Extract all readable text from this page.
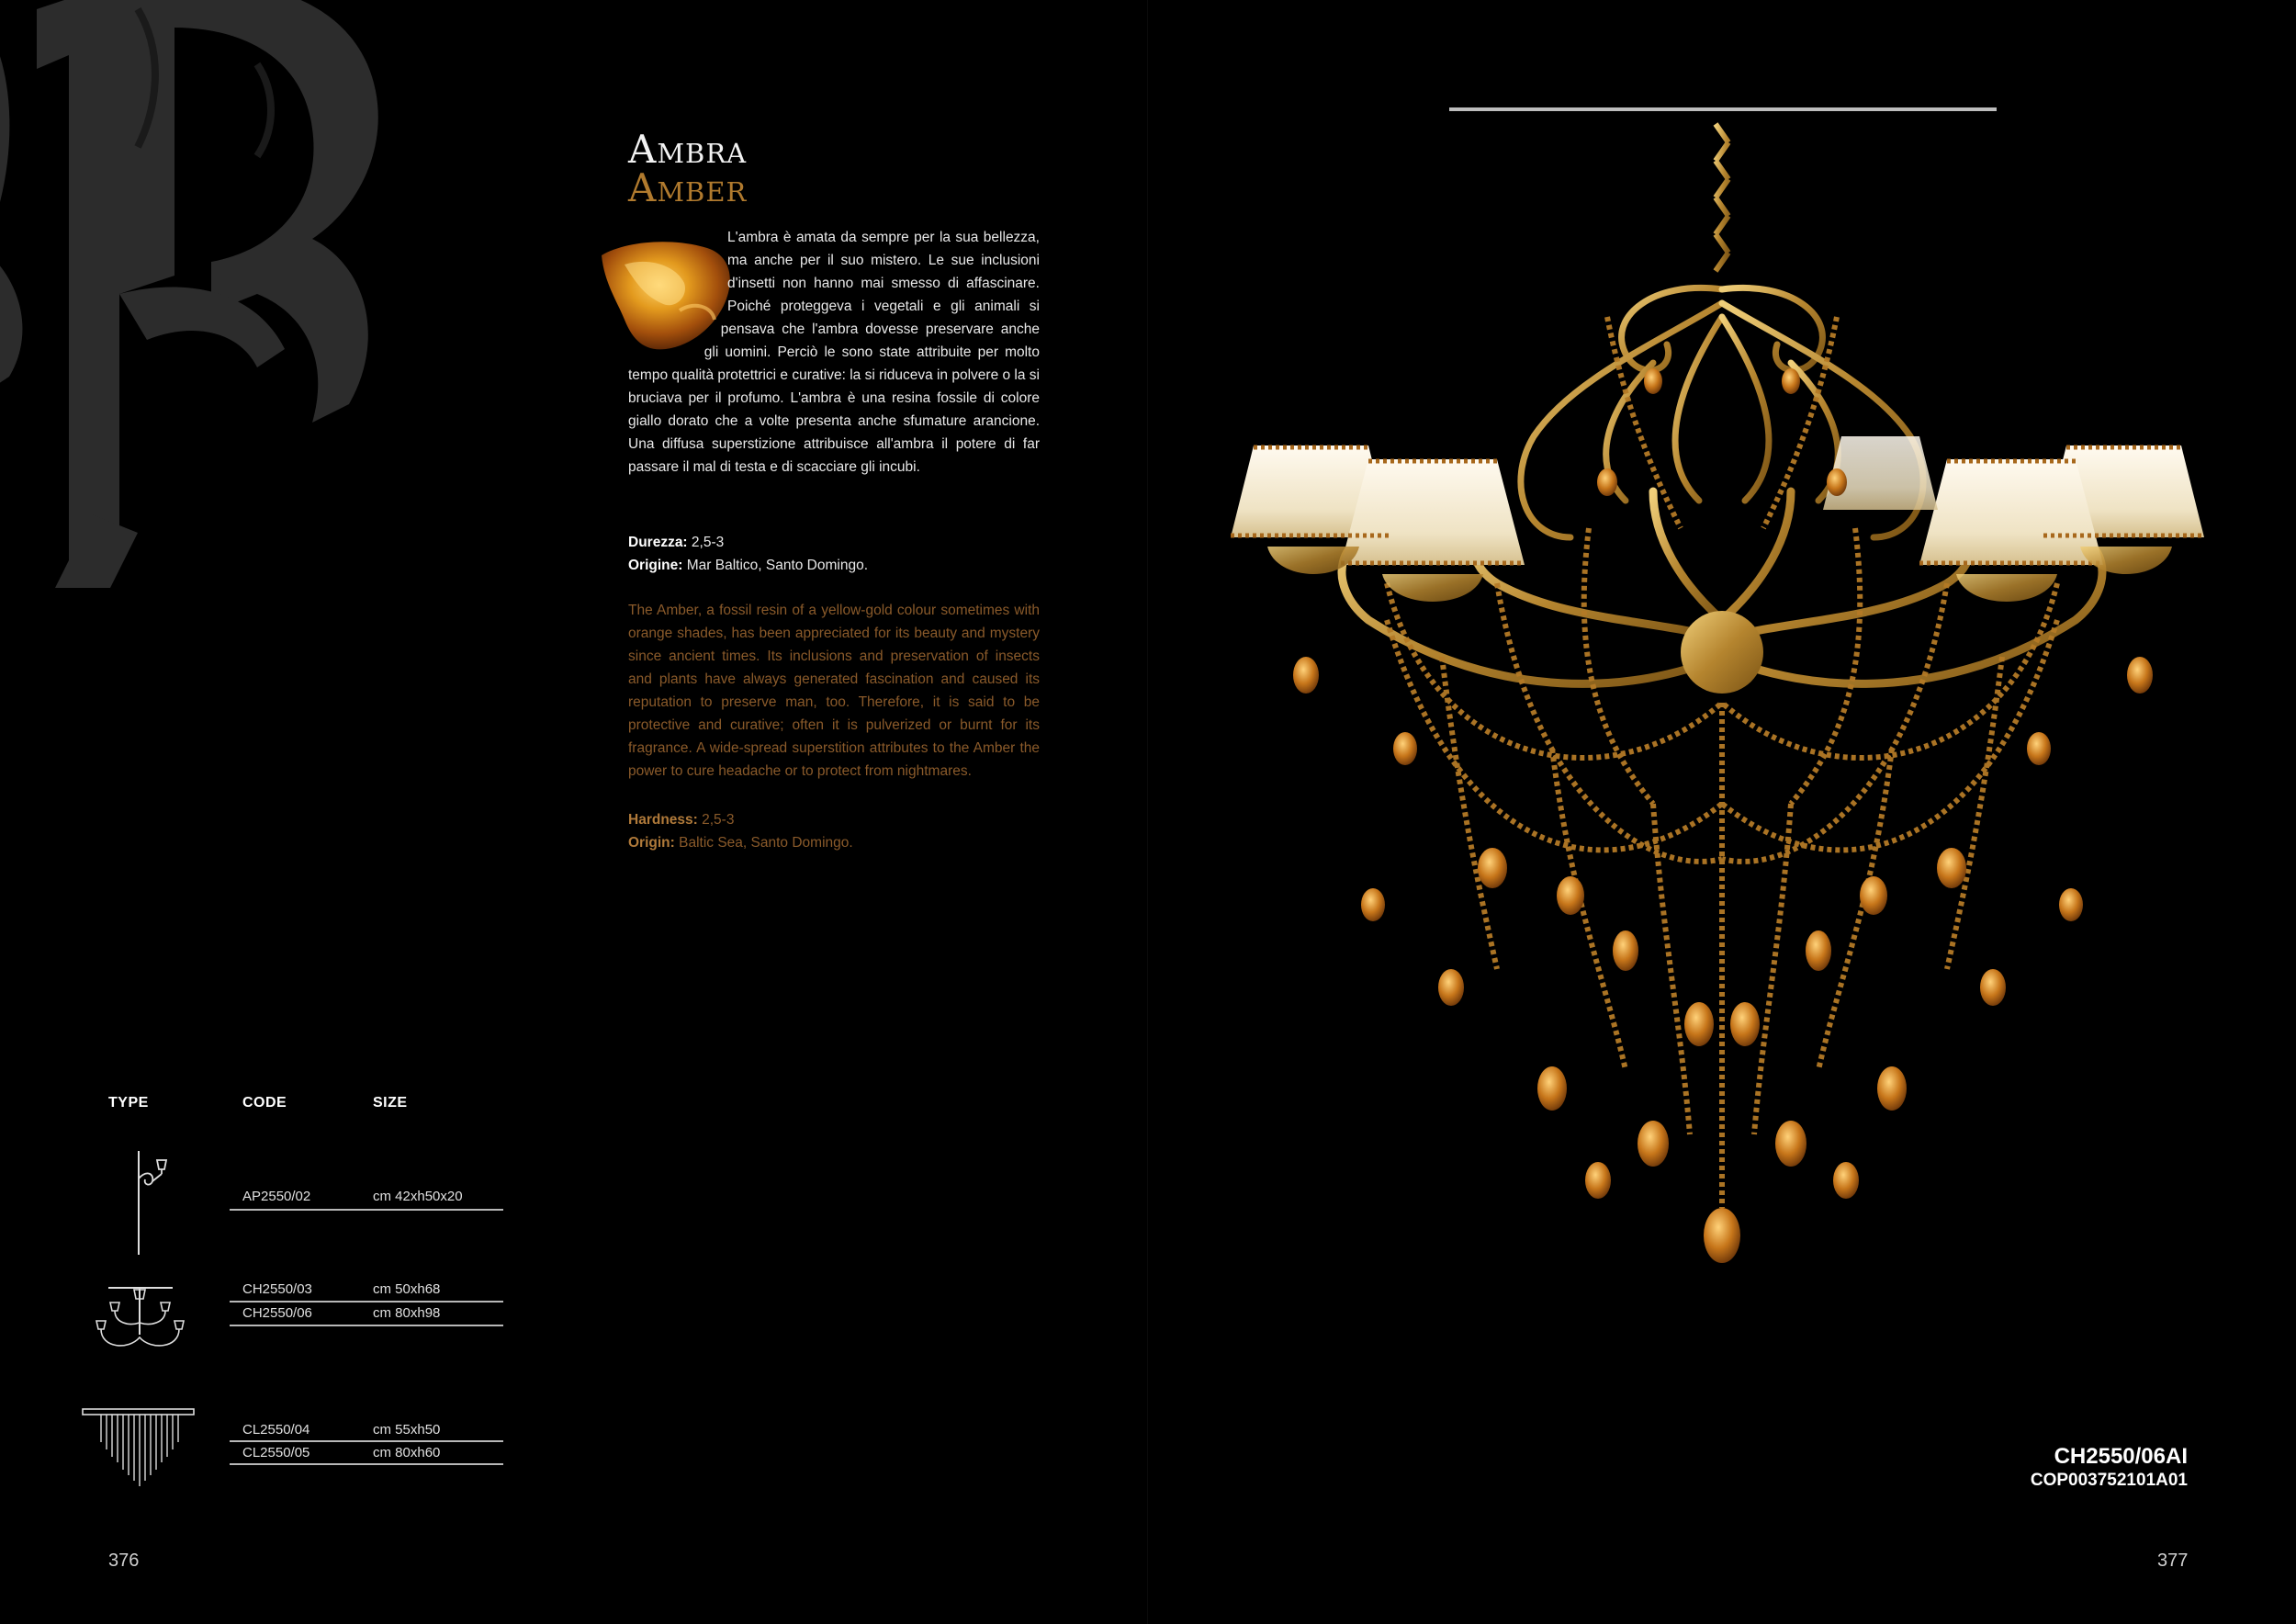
Ambra
Amber
L'ambra è amata da sempre per la sua bellezza, ma anche per il suo mistero. Le sue inclusioni d'insetti non hanno mai smesso di affascinare. Poiché proteggeva i vegetali e gli animali si pensava che l'ambra dovesse preservare anche gli uomini. Perciò le sono state attribuite per molto tempo qualità protettrici e curative: la si riduceva in polvere o la si bruciava per il profumo. L'ambra è una resina fossile di colore giallo dorato che a volte presenta anche sfumature arancione. Una diffusa superstizione attribuisce all'ambra il potere di far passare il mal di testa e di scacciare gli incubi.
Durezza: 2,5-3
Origine: Mar Baltico, Santo Domingo.
The Amber, a fossil resin of a yellow-gold colour sometimes with orange shades, has been appreciated for its beauty and mystery since ancient times. Its inclusions and preservation of insects and plants have always generated fascination and caused its reputation to preserve man, too. Therefore, it is said to be protective and curative; often it is pulverized or burnt for its fragrance. A wide-spread superstition attributes to the Amber the power to cure headache or to protect from nightmares.
Hardness: 2,5-3
Origin: Baltic Sea, Santo Domingo.
TYPE	CODE	SIZE
AP2550/02	cm 42xh50x20
CH2550/03	cm 50xh68
CH2550/06	cm 80xh98
CL2550/04	cm 55xh50
CL2550/05	cm 80xh60
376	377
CH2550/06AI
COP003752101A01
